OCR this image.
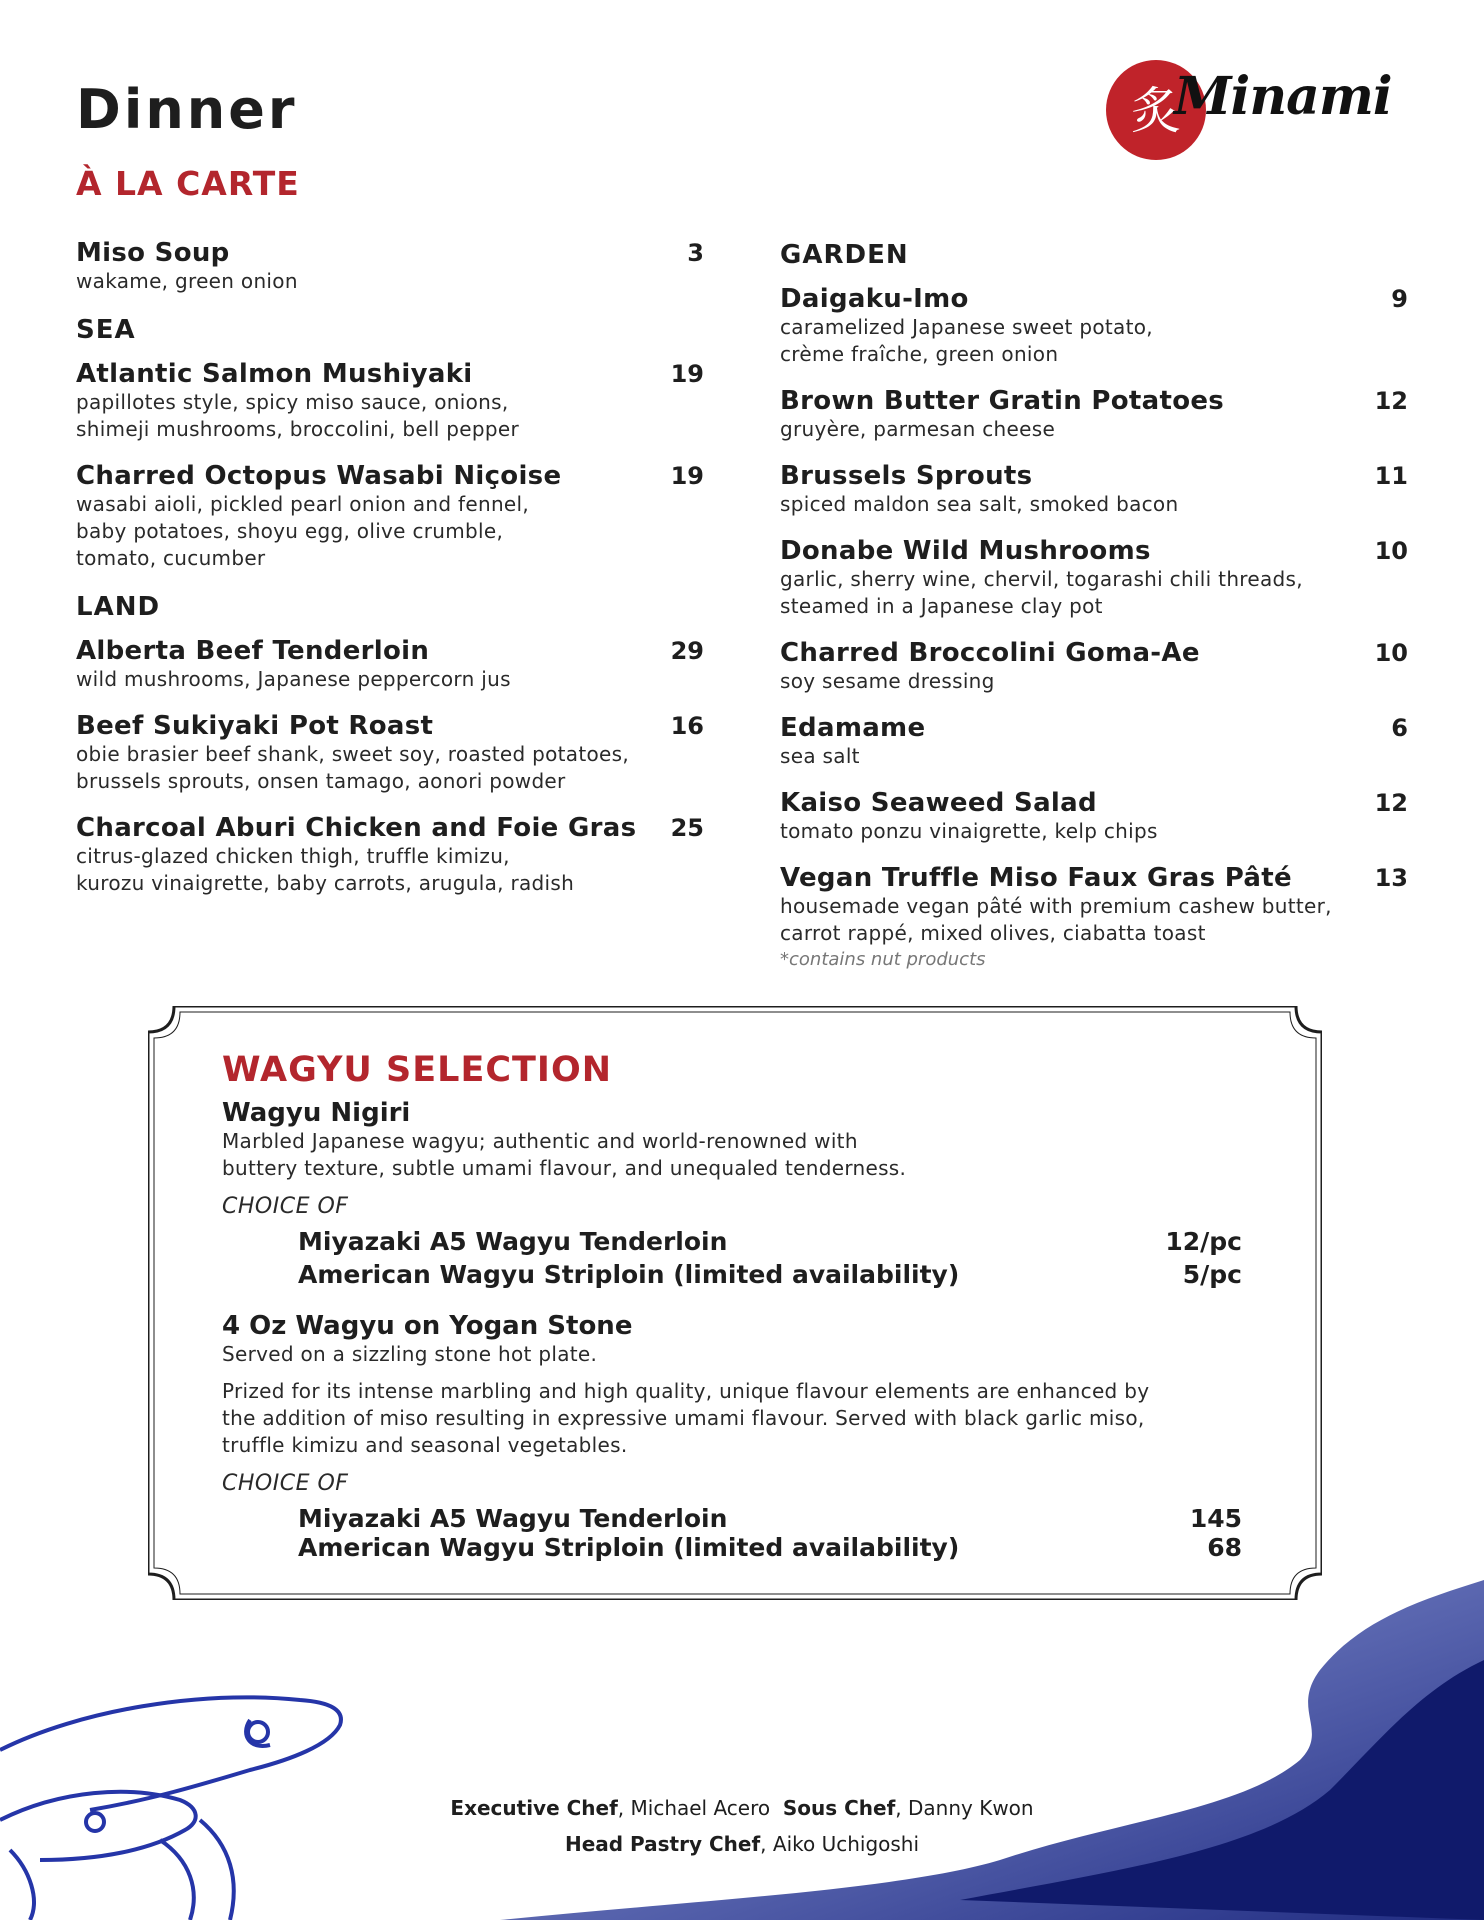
Dinner
À LA CARTE
炙
Minami
Miso Soup	3
wakame, green onion
SEA
Atlantic Salmon Mushiyaki	19
papillotes style, spicy miso sauce, onions,
shimeji mushrooms, broccolini, bell pepper
Charred Octopus Wasabi Niçoise	19
wasabi aioli, pickled pearl onion and fennel,
baby potatoes, shoyu egg, olive crumble,
tomato, cucumber
LAND
Alberta Beef Tenderloin	29
wild mushrooms, Japanese peppercorn jus
Beef Sukiyaki Pot Roast	16
obie brasier beef shank, sweet soy, roasted potatoes,
brussels sprouts, onsen tamago, aonori powder
Charcoal Aburi Chicken and Foie Gras 25
citrus-glazed chicken thigh, truffle kimizu,
kurozu vinaigrette, baby carrots, arugula, radish
GARDEN
Daigaku-Imo	9
caramelized Japanese sweet potato,
crème fraîche, green onion
Brown Butter Gratin Potatoes	12
gruyère, parmesan cheese
Brussels Sprouts	11
spiced maldon sea salt, smoked bacon
Donabe Wild Mushrooms	10
garlic, sherry wine, chervil, togarashi chili threads,
steamed in a Japanese clay pot
Charred Broccolini Goma-Ae	10
soy sesame dressing
Edamame	6
sea salt
Kaiso Seaweed Salad	12
tomato ponzu vinaigrette, kelp chips
Vegan Truffle Miso Faux Gras Pâté	13
housemade vegan pâté with premium cashew butter,
carrot rappé, mixed olives, ciabatta toast
*contains nut products
WAGYU SELECTION
Wagyu Nigiri
Marbled Japanese wagyu; authentic and world-renowned with
buttery texture, subtle umami flavour, and unequaled tenderness.
CHOICE OF
Miyazaki A5 Wagyu Tenderloin	12/pc
American Wagyu Striploin (limited availability)	5/pc
4 Oz Wagyu on Yogan Stone
Served on a sizzling stone hot plate.
Prized for its intense marbling and high quality, unique flavour elements are enhanced by
the addition of miso resulting in expressive umami flavour. Served with black garlic miso,
truffle kimizu and seasonal vegetables.
CHOICE OF
Miyazaki A5 Wagyu Tenderloin	145
American Wagyu Striploin (limited availability)	68
Executive Chef, Michael Acero Sous Chef, Danny Kwon
Head Pastry Chef, Aiko Uchigoshi
